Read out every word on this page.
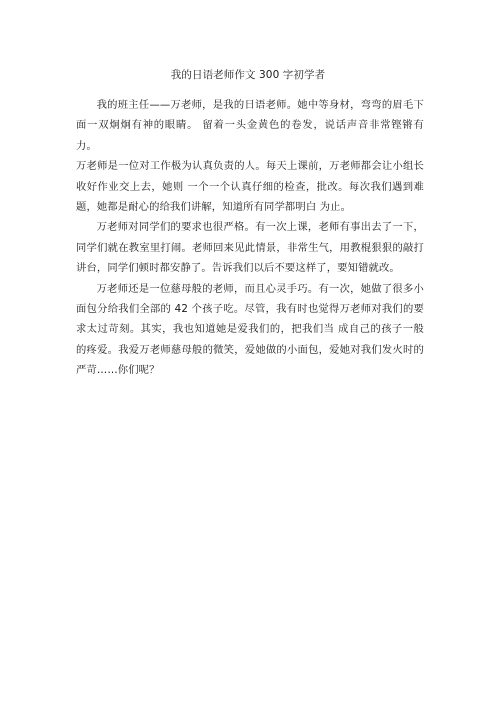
我的日语老师作文 300 字初学者

我的班主任——万老师，是我的日语老师。她中等身材，弯弯的眉毛下面一双炯炯有神的眼睛。 留着一头金黄色的卷发，说话声音非常铿锵有力。

万老师是一位对工作极为认真负责的人。每天上课前，万老师都会让小组长收好作业交上去，她则 一个一个认真仔细的检查，批改。每次我们遇到难题，她都是耐心的给我们讲解，知道所有同学都明白 为止。

万老师对同学们的要求也很严格。有一次上课，老师有事出去了一下，同学们就在教室里打闹。老师回来见此情景，非常生气，用教棍狠狠的敲打讲台，同学们顿时都安静了。告诉我们以后不要这样了，要知错就改。

万老师还是一位慈母般的老师，而且心灵手巧。有一次，她做了很多小面包分给我们全部的 42 个孩子吃。尽管，我有时也觉得万老师对我们的要求太过苛刻。其实，我也知道她是爱我们的，把我们当 成自己的孩子一般的疼爱。我爱万老师慈母般的微笑，爱她做的小面包，爱她对我们发火时的严苛……你们呢？
